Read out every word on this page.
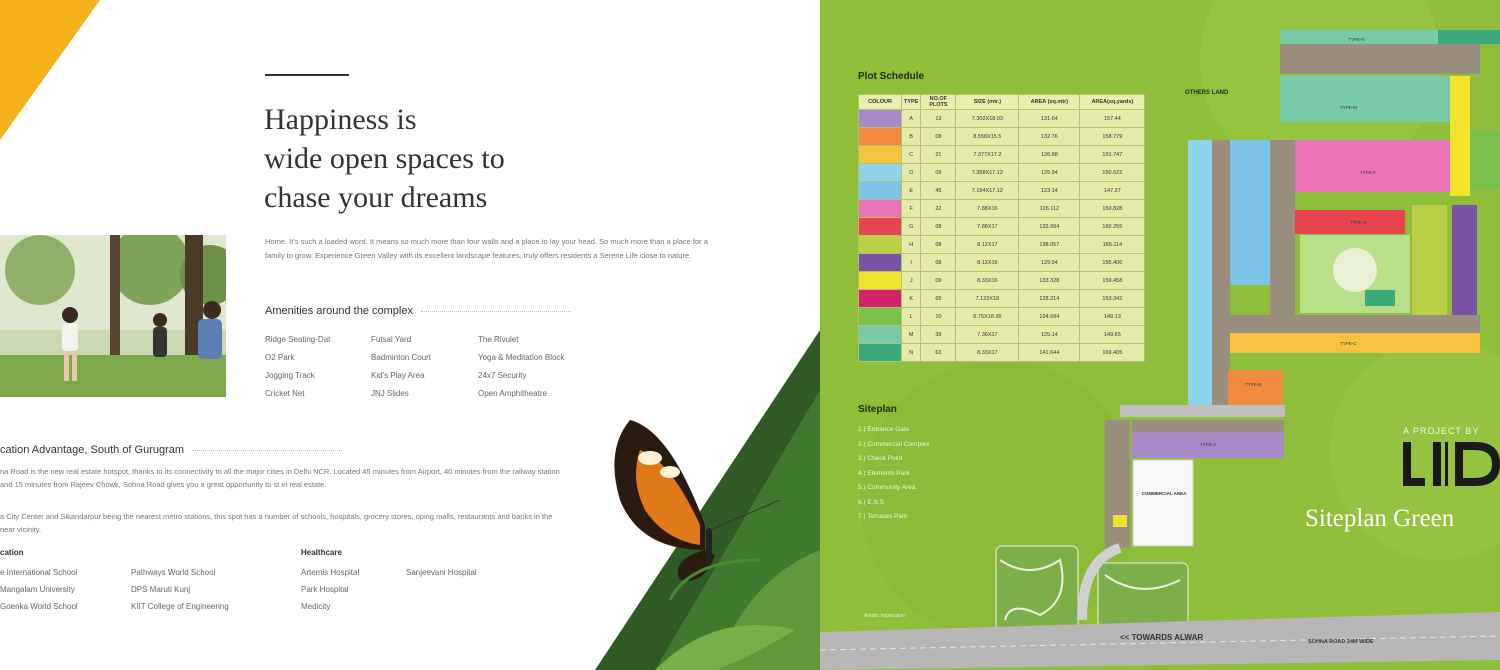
Happiness is
wide open spaces to
chase your dreams

Home. It's such a loaded word. It means so much more than four walls and a place to lay your head. So much more than a place for a family to grow. Experience Green Valley with its excellent landscape features, truly offers residents a Serene Life close to nature.

Amenities around the complex
Ridge Seating-Dat
O2 Park
Jogging Track
Cricket Net
Futsal Yard
Badminton Court
Kid's Play Area
JNJ Slides
The Rivulet
Yoga & Meditation Block
24x7 Security
Open Amphitheatre
cation Advantage, South of Gurugram

na Road is the new real estate hotspot, thanks to its connectivity to all the major cities in Delhi NCR. Located 45 minutes from Airport, 40 minutes from the railway station and 15 minutes from Rajeev Chowk, Sohna Road gives you a great opportunity to st in real estate.

a City Center and Sikandarpur being the nearest metro stations, this spot has a number of schools, hospitals, grocery stores, oping malls, restaurants and banks in the near vicinity.

cation	Healthcare
e International School
Mangalam University
Goenka World School
Pathways World School
DPS Maruti Kunj
KIIT College of Engineering
Artemis Hospital
Park Hospital
Medicity
Sanjeevani Hospital
Plot Schedule
COLOUR	TYPE	NO.OF PLOTS	SIZE (mtr.)	AREA (sq.mtr)	AREA(sq.yards)
	A	13	7.302X18.03	131.64	157.44
	B	08	8.558X15.5	132.76	158.779
	C	21	7.377X17.2	126.88	151.747
	D	09	7.358X17.12	125.94	150.622
	E	45	7.194X17.12	123.14	147.27
	F	22	7.88X16	126.112	150.828
	G	08	7.88X17	133.994	160.255
	H	08	8.12X17	138.057	165.114
	I	08	8.12X16	129.94	155.406
	J	09	8.33X16	133.328	159.458
	K	65	7.123X18	128.214	153.342
	L	10	6.75X18.36	124.694	149.13
	M	39	7.36X17	125.14	149.65
	N	63	8.33X17	141.644	169.405
Siteplan
1.) Entrance Gate
2.) Commercial Complex
3.) Check Point
4.) Elements Park
5.) Community Area
6.) E.S.S
7.) Terraces Park
OTHERS LAND
TYPE-N
TYPE-M
TYPE-F
TYPE-G
TYPE-C
TYPE-B
TYPE-A
COMMERCIAL AREA
A PROJECT BY
Siteplan Green
Artistic Impression
<< TOWARDS ALWAR	SOHNA ROAD 24M WIDE
